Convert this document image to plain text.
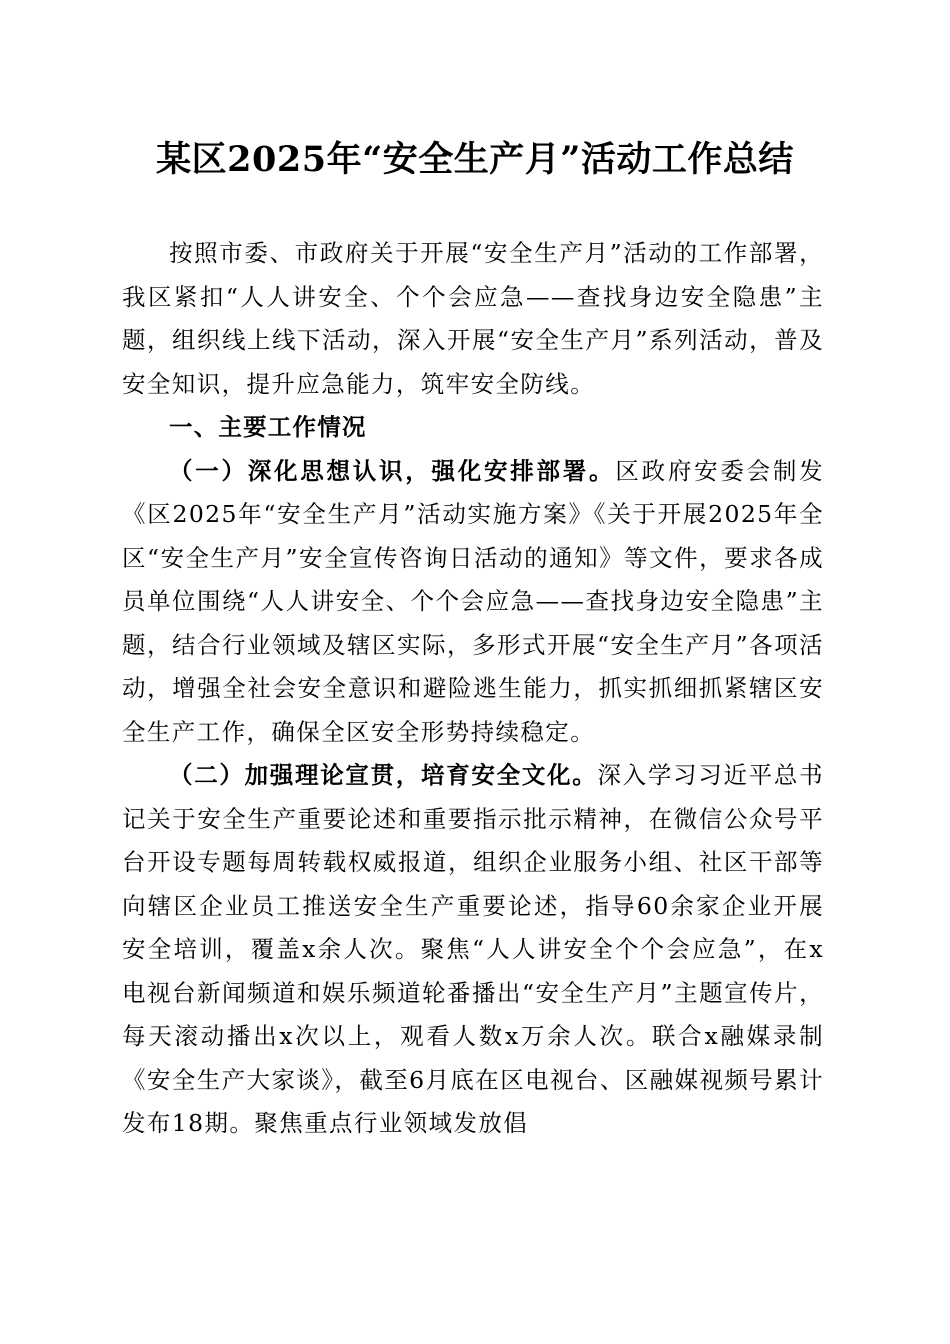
某区2025年“安全生产月”活动工作总结

按照市委、市政府关于开展“安全生产月”活动的工作部署，我区紧扣“人人讲安全、个个会应急——查找身边安全隐患”主题，组织线上线下活动，深入开展“安全生产月”系列活动，普及安全知识，提升应急能力，筑牢安全防线。

一、主要工作情况

（一）深化思想认识，强化安排部署。区政府安委会制发《区2025年“安全生产月”活动实施方案》《关于开展2025年全区“安全生产月”安全宣传咨询日活动的通知》等文件，要求各成员单位围绕“人人讲安全、个个会应急——查找身边安全隐患”主题，结合行业领域及辖区实际，多形式开展“安全生产月”各项活动，增强全社会安全意识和避险逃生能力，抓实抓细抓紧辖区安全生产工作，确保全区安全形势持续稳定。

（二）加强理论宣贯，培育安全文化。深入学习习近平总书记关于安全生产重要论述和重要指示批示精神，在微信公众号平台开设专题每周转载权威报道，组织企业服务小组、社区干部等向辖区企业员工推送安全生产重要论述，指导60余家企业开展安全培训，覆盖x余人次。聚焦“人人讲安全个个会应急”，在x电视台新闻频道和娱乐频道轮番播出“安全生产月”主题宣传片，每天滚动播出x次以上，观看人数x万余人次。联合x融媒录制《安全生产大家谈》，截至6月底在区电视台、区融媒视频号累计发布18期。聚焦重点行业领域发放倡
